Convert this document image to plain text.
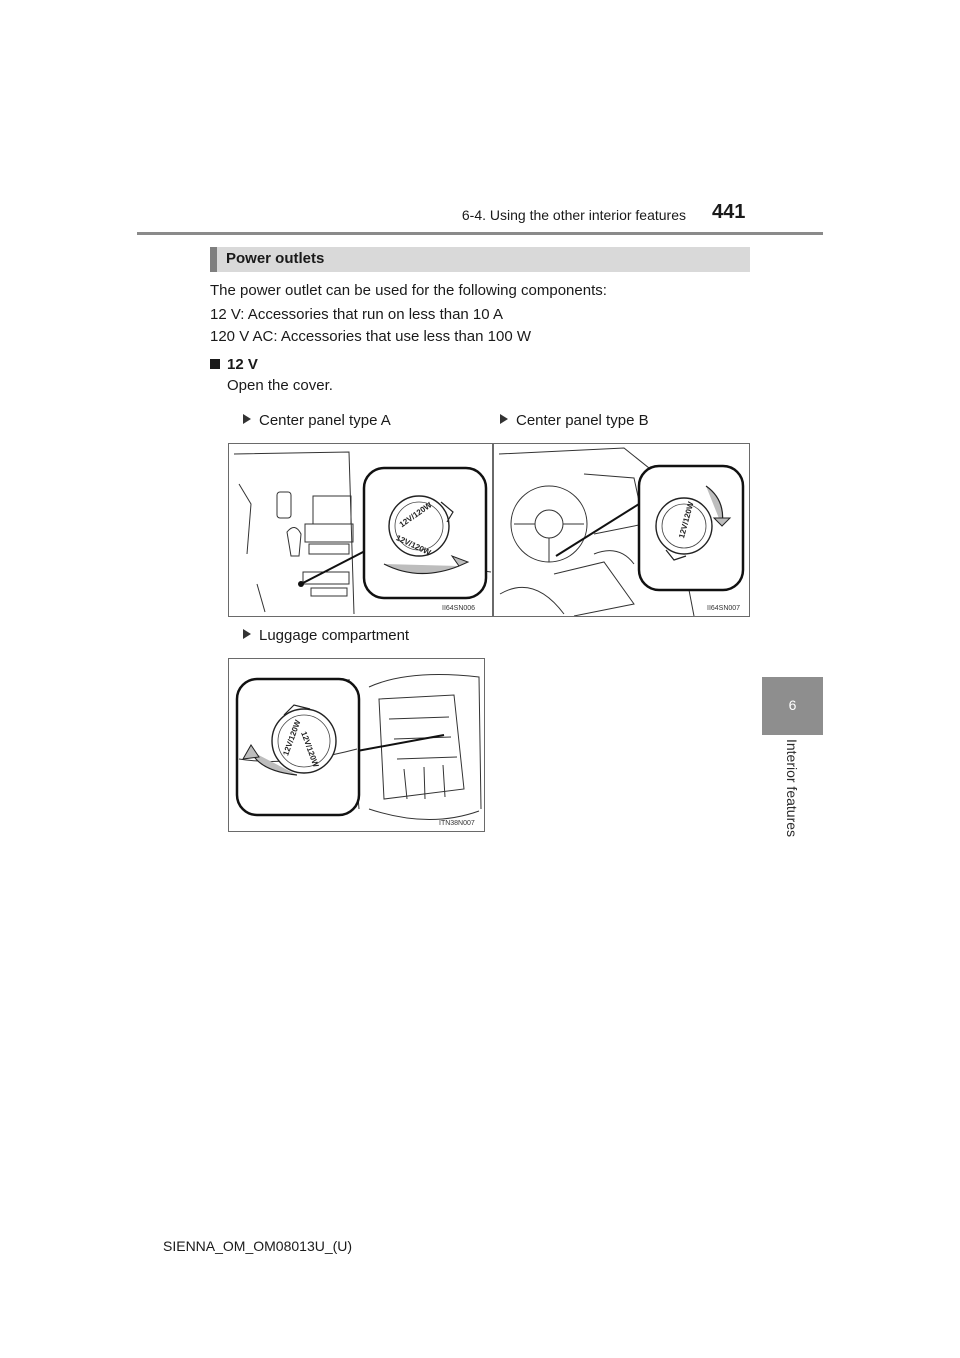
6-4. Using the other interior features 441
6
Interior features
Power outlets
The power outlet can be used for the following components:
12 V: Accessories that run on less than 10 A
120 V AC: Accessories that use less than 100 W
12 V
Open the cover.
Center panel type A	Center panel type B
Luggage compartment
12V/120W
12V/120W
II64SN006
12V/120W
II64SN007
12V/120W
12V/120W
ITN38N007
SIENNA_OM_OM08013U_(U)
